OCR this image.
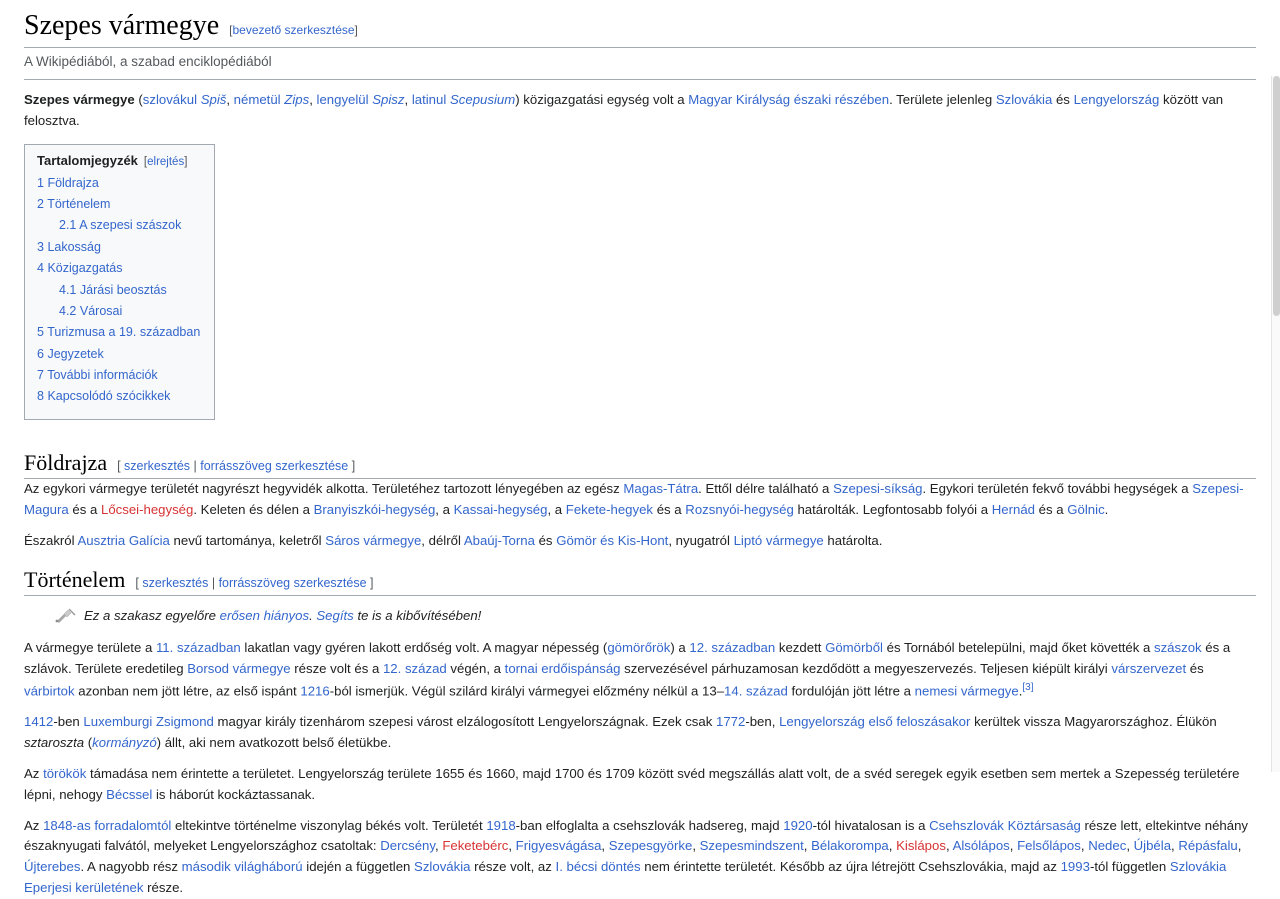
Szepes vármegye [bevezető szerkesztése]
A Wikipédiából, a szabad enciklopédiából

Szepes vármegye (szlovákul Spiš, németül Zips, lengyelül Spisz, latinul Scepusium) közigazgatási egység volt a Magyar Királyság északi részében. Területe jelenleg Szlovákia és Lengyelország között van felosztva.

Tartalomjegyzék [elrejtés]
1 Földrajza
2 Történelem
2.1 A szepesi szászok
3 Lakosság
4 Közigazgatás
4.1 Járási beosztás
4.2 Városai
5 Turizmusa a 19. században
6 Jegyzetek
7 További információk
8 Kapcsolódó szócikkek
Földrajza [ szerkesztés | forrásszöveg szerkesztése ]

Az egykori vármegye területét nagyrészt hegyvidék alkotta. Területéhez tartozott lényegében az egész Magas-Tátra. Ettől délre található a Szepesi-síkság. Egykori területén fekvő további hegységek a Szepesi-Magura és a Lőcsei-hegység. Keleten és délen a Branyiszkói-hegység, a Kassai-hegység, a Fekete-hegyek és a Rozsnyói-hegység határolták. Legfontosabb folyói a Hernád és a Gölnic.

Északról Ausztria Galícia nevű tartománya, keletről Sáros vármegye, délről Abaúj-Torna és Gömör és Kis-Hont, nyugatról Liptó vármegye határolta.

Történelem [ szerkesztés | forrásszöveg szerkesztése ]
Ez a szakasz egyelőre erősen hiányos. Segíts te is a kibővítésében!

A vármegye területe a 11. században lakatlan vagy gyéren lakott erdőség volt. A magyar népesség (gömörőrök) a 12. században kezdett Gömörből és Tornából betelepülni, majd őket követték a szászok és a szlávok. Területe eredetileg Borsod vármegye része volt és a 12. század végén, a tornai erdőispánság szervezésével párhuzamosan kezdődött a megyeszervezés. Teljesen kiépült királyi várszervezet és várbirtok azonban nem jött létre, az első ispánt 1216-ból ismerjük. Végül szilárd királyi vármegyei előzmény nélkül a 13–14. század fordulóján jött létre a nemesi vármegye.[3]

1412-ben Luxemburgi Zsigmond magyar király tizenhárom szepesi várost elzálogosított Lengyelországnak. Ezek csak 1772-ben, Lengyelország első feloszásakor kerültek vissza Magyarországhoz. Élükön sztaroszta (kormányzó) állt, aki nem avatkozott belső életükbe.

Az törökök támadása nem érintette a területet. Lengyelország területe 1655 és 1660, majd 1700 és 1709 között svéd megszállás alatt volt, de a svéd seregek egyik esetben sem mertek a Szepesség területére lépni, nehogy Bécssel is háborút kockáztassanak.

Az 1848-as forradalomtól eltekintve történelme viszonylag békés volt. Területét 1918-ban elfoglalta a csehszlovák hadsereg, majd 1920-tól hivatalosan is a Csehszlovák Köztársaság része lett, eltekintve néhány északnyugati falvától, melyeket Lengyelországhoz csatoltak: Dercsény, Feketebérc, Frigyesvágása, Szepesgyörke, Szepesmindszent, Bélakorompa, Kislápos, Alsólápos, Felsőlápos, Nedec, Újbéla, Répásfalu, Újterebes. A nagyobb rész második világháború idején a független Szlovákia része volt, az I. bécsi döntés nem érintette területét. Később az újra létrejött Csehszlovákia, majd az 1993-tól független Szlovákia Eperjesi kerületének része.
